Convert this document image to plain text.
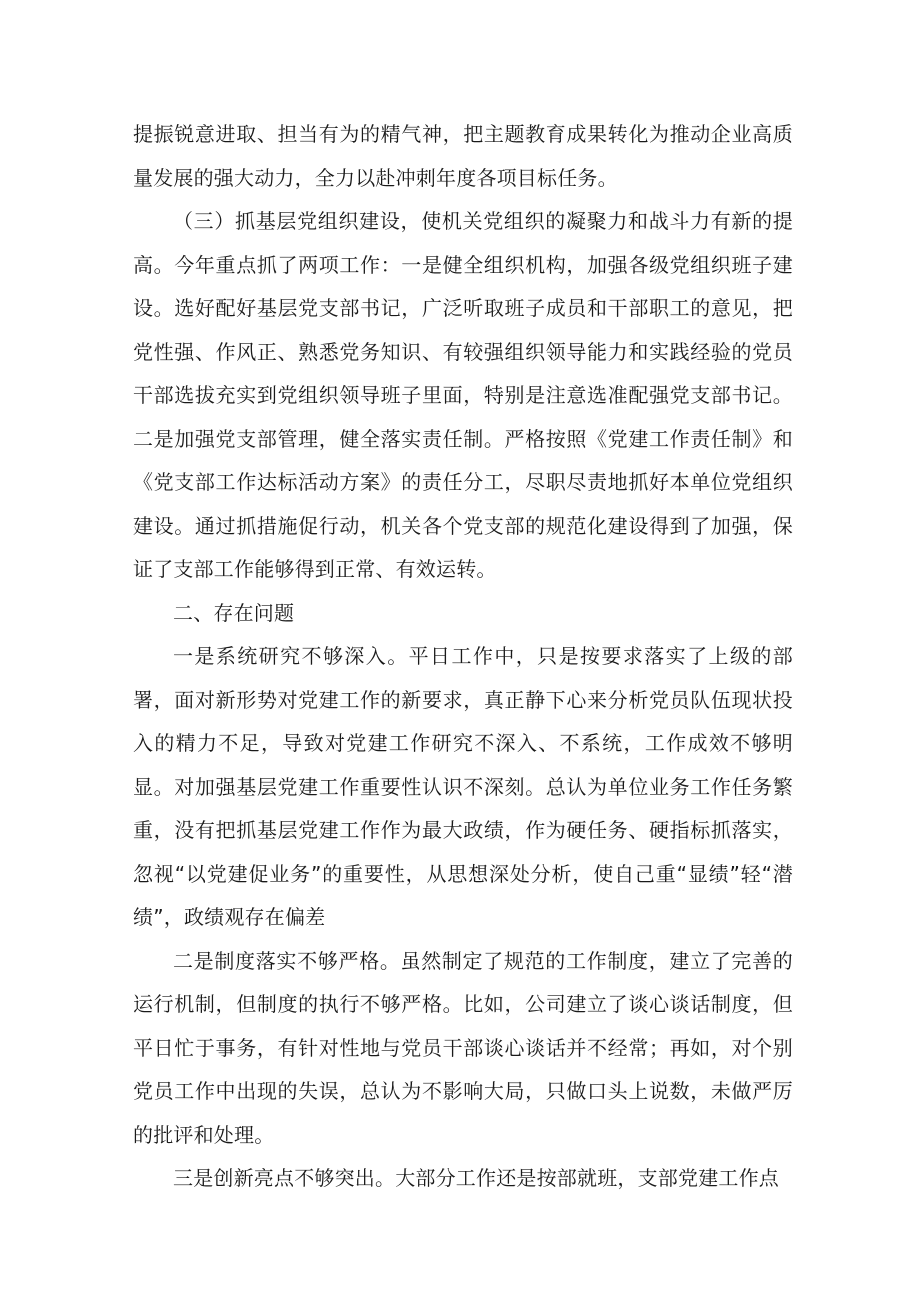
提振锐意进取、担当有为的精气神，把主题教育成果转化为推动企业高质量发展的强大动力，全力以赴冲刺年度各项目标任务。

（三）抓基层党组织建设，使机关党组织的凝聚力和战斗力有新的提高。今年重点抓了两项工作：一是健全组织机构，加强各级党组织班子建设。选好配好基层党支部书记，广泛听取班子成员和干部职工的意见，把党性强、作风正、熟悉党务知识、有较强组织领导能力和实践经验的党员干部选拔充实到党组织领导班子里面，特别是注意选准配强党支部书记。二是加强党支部管理，健全落实责任制。严格按照《党建工作责任制》和《党支部工作达标活动方案》的责任分工，尽职尽责地抓好本单位党组织建设。通过抓措施促行动，机关各个党支部的规范化建设得到了加强，保证了支部工作能够得到正常、有效运转。

二、存在问题

一是系统研究不够深入。平日工作中，只是按要求落实了上级的部署，面对新形势对党建工作的新要求，真正静下心来分析党员队伍现状投入的精力不足，导致对党建工作研究不深入、不系统，工作成效不够明显。对加强基层党建工作重要性认识不深刻。总认为单位业务工作任务繁重，没有把抓基层党建工作作为最大政绩，作为硬任务、硬指标抓落实，忽视“以党建促业务”的重要性，从思想深处分析，使自己重“显绩”轻“潜绩”，政绩观存在偏差

二是制度落实不够严格。虽然制定了规范的工作制度，建立了完善的运行机制，但制度的执行不够严格。比如，公司建立了谈心谈话制度，但平日忙于事务，有针对性地与党员干部谈心谈话并不经常；再如，对个别党员工作中出现的失误，总认为不影响大局，只做口头上说数，未做严厉的批评和处理。

三是创新亮点不够突出。大部分工作还是按部就班，支部党建工作点
